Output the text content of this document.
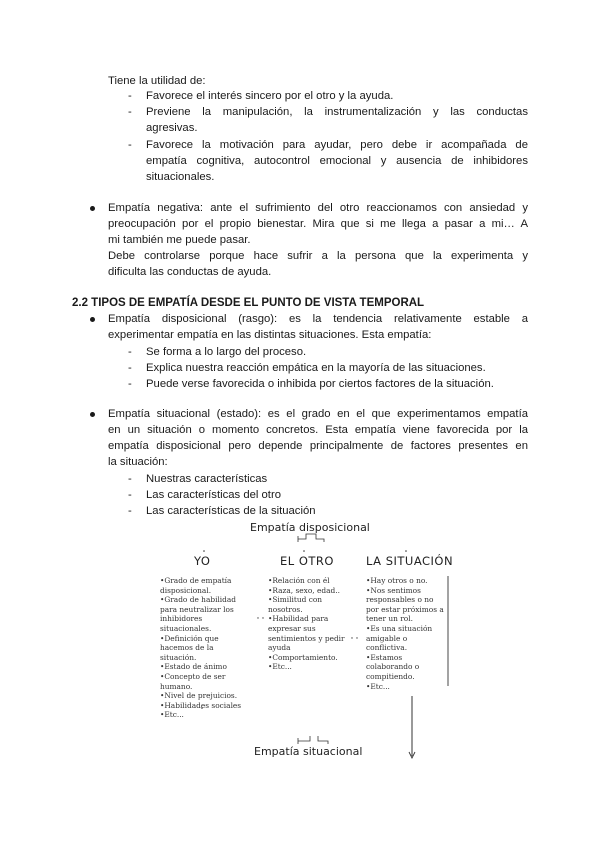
Tiene la utilidad de:
- Favorece el interés sincero por el otro y la ayuda.
- Previene la manipulación, la instrumentalización y las conductas
agresivas.
- Favorece la motivación para ayudar, pero debe ir acompañada de
empatía cognitiva, autocontrol emocional y ausencia de inhibidores
situacionales.
Empatía negativa: ante el sufrimiento del otro reaccionamos con ansiedad y
preocupación por el propio bienestar. Mira que si me llega a pasar a mi… A
mi también me puede pasar.
Debe controlarse porque hace sufrir a la persona que la experimenta y
dificulta las conductas de ayuda.
2.2 TIPOS DE EMPATÍA DESDE EL PUNTO DE VISTA TEMPORAL
Empatía disposicional (rasgo): es la tendencia relativamente estable a
experimentar empatía en las distintas situaciones. Esta empatía:
- Se forma a lo largo del proceso.
- Explica nuestra reacción empática en la mayoría de las situaciones.
- Puede verse favorecida o inhibida por ciertos factores de la situación.
Empatía situacional (estado): es el grado en el que experimentamos empatía
en un situación o momento concretos. Esta empatía viene favorecida por la
empatía disposicional pero depende principalmente de factores presentes en
la situación:
- Nuestras características
- Las características del otro
- Las características de la situación
Empatía disposicional
YO	EL OTRO	LA SITUACIÓN
•Grado de empatía
disposicional.
•Grado de habilidad
para neutralizar los
inhibidores
situacionales.
•Definición que
hacemos de la
situación.
•Estado de ánimo
•Concepto de ser
humano.
•Nivel de prejuicios.
•Habilidades sociales
•Etc...
•Relación con él
•Raza, sexo, edad..
•Similitud con
nosotros.
•Habilidad para
expresar sus
sentimientos y pedir
ayuda
•Comportamiento.
•Etc...
•Hay otros o no.
•Nos sentimos
responsables o no
por estar próximos a
tener un rol.
•Es una situación
amigable o
conflictiva.
•Estamos
colaborando o
compitiendo.
•Etc...
Empatía situacional
